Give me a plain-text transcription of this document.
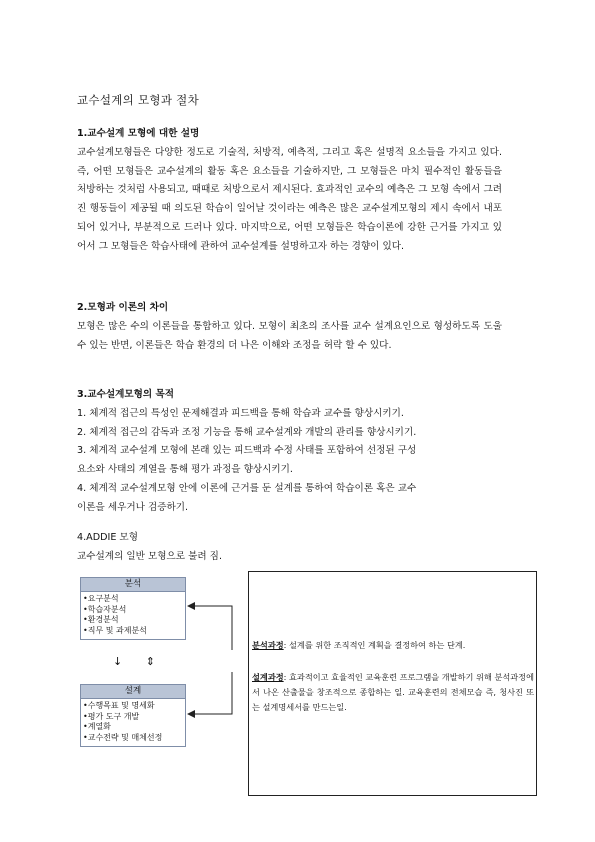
교수설계의 모형과 절차
1.교수설계 모형에 대한 설명

교수설계모형들은 다양한 정도로 기술적, 처방적, 예측적, 그리고 혹은 설명적 요소들을 가지고 있다. 즉, 어떤 모형들은 교수설계의 활동 혹은 요소들을 기술하지만, 그 모형들은 마치 필수적인 활동들을 처방하는 것처럼 사용되고, 때때로 처방으로서 제시된다. 효과적인 교수의 예측은 그 모형 속에서 그려진 행동들이 제공될 때 의도된 학습이 일어날 것이라는 예측은 많은 교수설계모형의 제시 속에서 내포되어 있거나, 부분적으로 드러나 있다. 마지막으로, 어떤 모형들은 학습이론에 강한 근거를 가지고 있어서 그 모형들은 학습사태에 관하여 교수설계를 설명하고자 하는 경향이 있다.

2.모형과 이론의 차이

모형은 많은 수의 이론들을 통합하고 있다. 모형이 최초의 조사를 교수 설계요인으로 형성하도록 도울 수 있는 반면, 이론들은 학습 환경의 더 나은 이해와 조정을 허락 할 수 있다.

3.교수설계모형의 목적
1. 체계적 접근의 특성인 문제해결과 피드백을 통해 학습과 교수를 향상시키기.
2. 체계적 접근의 감독과 조정 기능을 통해 교수설계와 개발의 관리를 향상시키기.
3. 체계적 교수설계 모형에 본래 있는 피드백과 수정 사태를 포함하여 선정된 구성
요소와 사태의 계열을 통해 평가 과정을 향상시키기.
4. 체계적 교수설계모형 안에 이론에 근거를 둔 설계를 통하여 학습이론 혹은 교수
이론을 세우거나 검증하기.
4.ADDIE 모형

교수설계의 일반 모형으로 불려 짐.

분석
•요구분석
•학습자분석
•환경분석
•직무 및 과제분석
↓ ⇕
설계
•수행목표 및 명세화
•평가 도구 개발
•계열화
•교수전략 및 매체선정
분석과정: 설계를 위한 조직적인 계획을 결정하여 하는 단계.
설계과정: 효과적이고 효율적인 교육훈련 프로그램을 개발하기 위해 분석과정에서 나온 산출물을 창조적으로 종합하는 일. 교육훈련의 전체모습 즉, 청사진 또는 설계명세서를 만드는일.
